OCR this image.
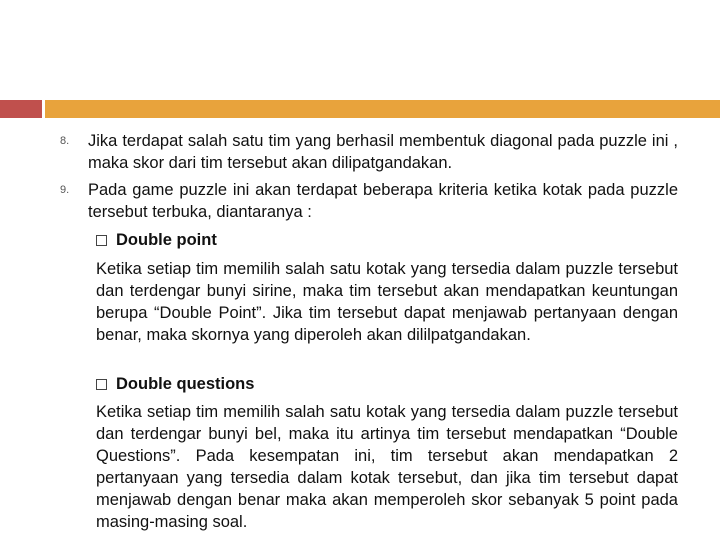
8. Jika terdapat salah satu tim yang berhasil membentuk diagonal pada puzzle ini , maka skor dari tim tersebut akan dilipatgandakan.
9. Pada game puzzle ini akan terdapat beberapa kriteria ketika kotak pada puzzle tersebut terbuka, diantaranya :
Double point
Ketika setiap tim memilih salah satu kotak yang tersedia dalam puzzle tersebut dan terdengar bunyi sirine, maka tim tersebut akan mendapatkan keuntungan berupa “Double Point”. Jika tim tersebut dapat menjawab pertanyaan dengan benar, maka skornya yang diperoleh akan dililpatgandakan.
Double questions
Ketika setiap tim memilih salah satu kotak yang tersedia dalam puzzle tersebut dan terdengar bunyi bel, maka itu artinya tim tersebut mendapatkan “Double Questions”. Pada kesempatan ini, tim tersebut akan mendapatkan 2 pertanyaan yang tersedia dalam kotak tersebut, dan jika tim tersebut dapat menjawab dengan benar maka akan memperoleh skor sebanyak 5 point pada masing-masing soal.
